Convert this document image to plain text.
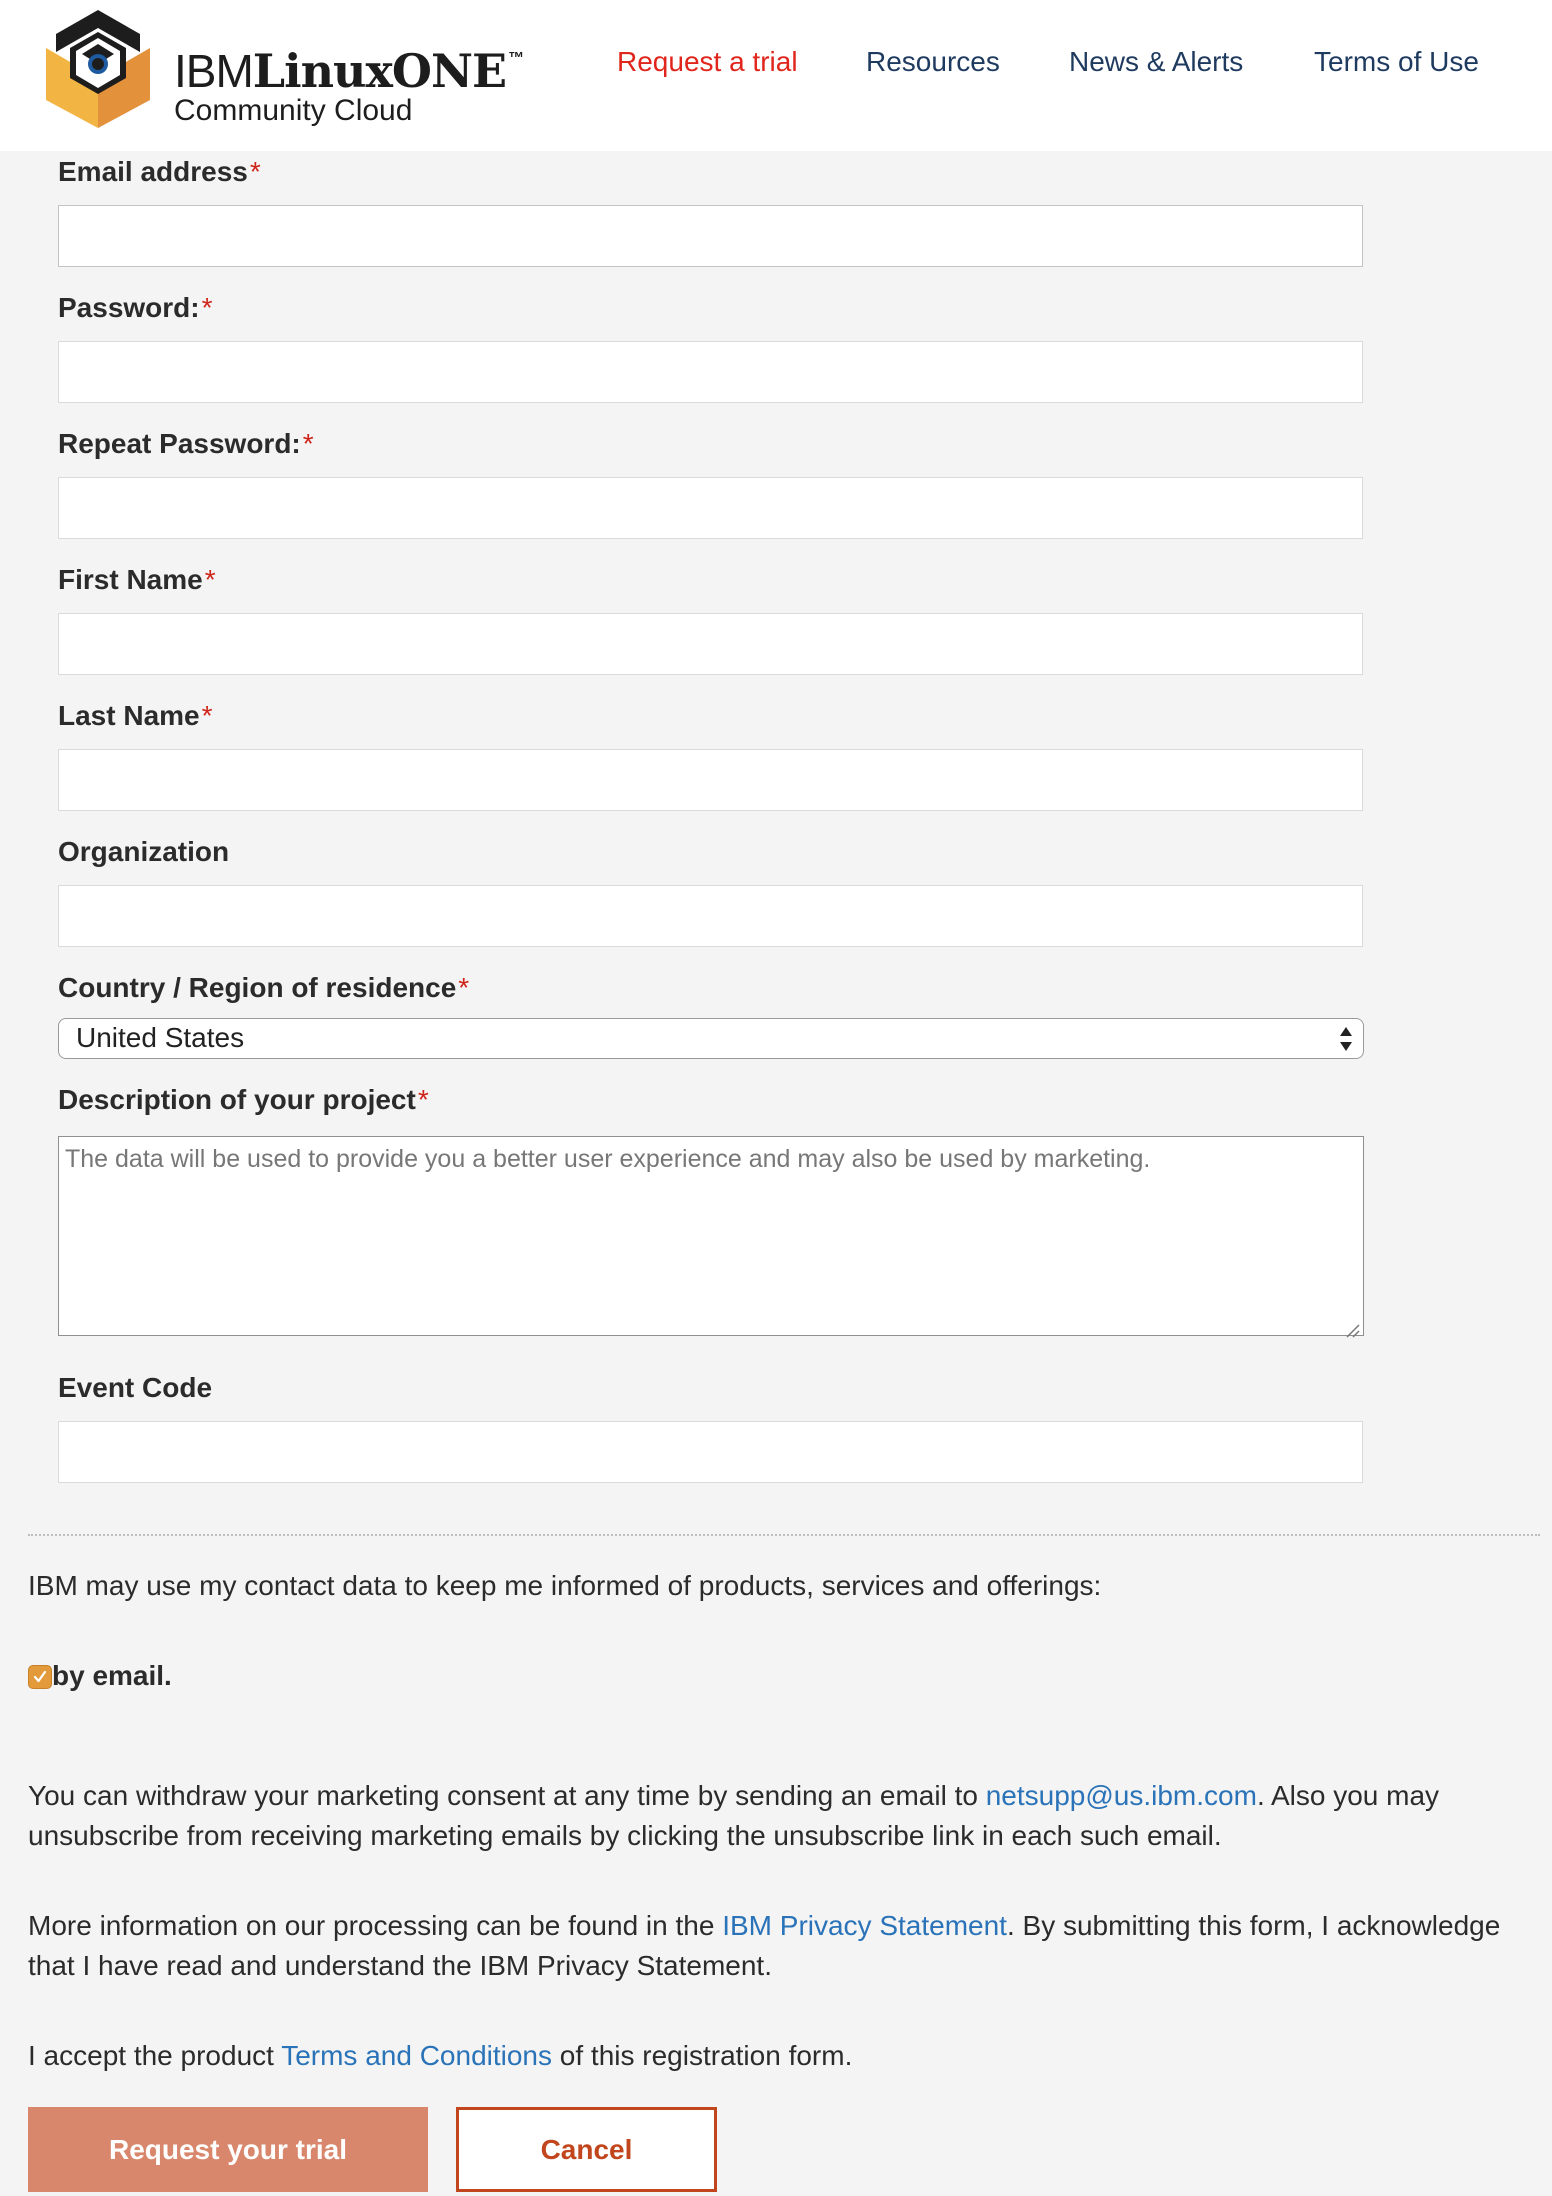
IBMLinuxONE ™
Community Cloud
Request a trial Resources News & Alerts	Terms of Use
Email address*
Password:*
Repeat Password:*
First Name*
Last Name*
Organization
Country / Region of residence*
United States
Description of your project*
The data will be used to provide you a better user experience and may also be used by marketing.
Event Code
IBM may use my contact data to keep me informed of products, services and offerings:
by email.
You can withdraw your marketing consent at any time by sending an email to netsupp@us.ibm.com. Also you may unsubscribe from receiving marketing emails by clicking the unsubscribe link in each such email.
More information on our processing can be found in the IBM Privacy Statement. By submitting this form, I acknowledge that I have read and understand the IBM Privacy Statement.
I accept the product Terms and Conditions of this registration form.
Request your trial	Cancel
